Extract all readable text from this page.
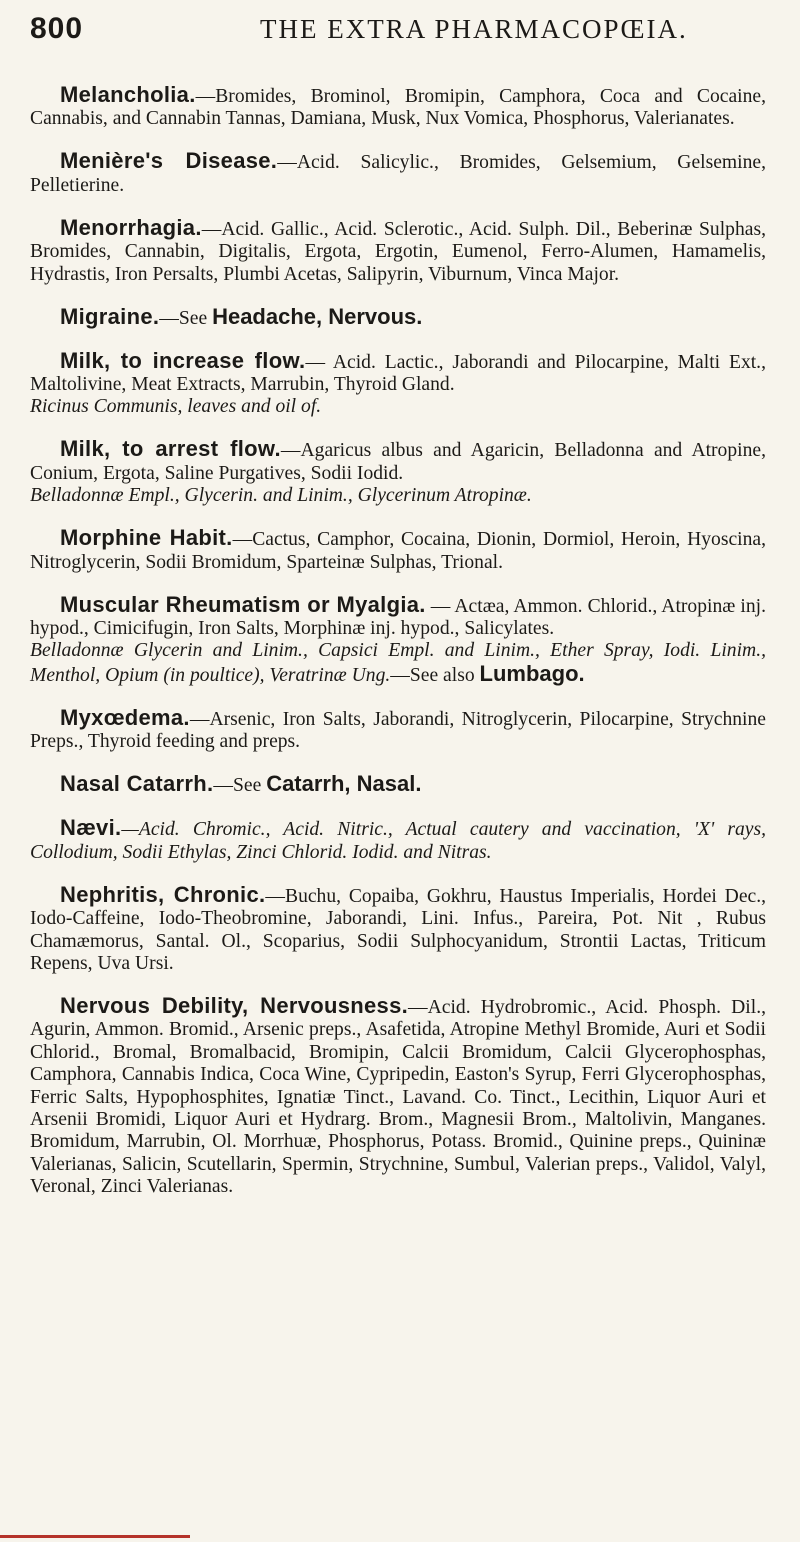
800	THE EXTRA PHARMACOPŒIA.

Melancholia.—Bromides, Brominol, Bromipin, Camphora, Coca and Cocaine, Cannabis, and Cannabin Tannas, Damiana, Musk, Nux Vomica, Phosphorus, Valerianates.

Menière's Disease.—Acid. Salicylic., Bromides, Gelsemium, Gelsemine, Pelletierine.

Menorrhagia.—Acid. Gallic., Acid. Sclerotic., Acid. Sulph. Dil., Beberinæ Sulphas, Bromides, Cannabin, Digitalis, Ergota, Ergotin, Eumenol, Ferro-Alumen, Hamamelis, Hydrastis, Iron Persalts, Plumbi Acetas, Salipyrin, Viburnum, Vinca Major.

Migraine.—See Headache, Nervous.

Milk, to increase flow.— Acid. Lactic., Jaborandi and Pilocarpine, Malti Ext., Maltolivine, Meat Extracts, Marrubin, Thyroid Gland.
Ricinus Communis, leaves and oil of.

Milk, to arrest flow.—Agaricus albus and Agaricin, Belladonna and Atropine, Conium, Ergota, Saline Purgatives, Sodii Iodid.
Belladonnæ Empl., Glycerin. and Linim., Glycerinum Atropinæ.

Morphine Habit.—Cactus, Camphor, Cocaina, Dionin, Dormiol, Heroin, Hyoscina, Nitroglycerin, Sodii Bromidum, Sparteinæ Sulphas, Trional.

Muscular Rheumatism or Myalgia. — Actæa, Ammon. Chlorid., Atropinæ inj. hypod., Cimicifugin, Iron Salts, Morphinæ inj. hypod., Salicylates.
Belladonnæ Glycerin and Linim., Capsici Empl. and Linim., Ether Spray, Iodi. Linim., Menthol, Opium (in poultice), Veratrinæ Ung.—See also Lumbago.

Myxœdema.—Arsenic, Iron Salts, Jaborandi, Nitroglycerin, Pilocarpine, Strychnine Preps., Thyroid feeding and preps.

Nasal Catarrh.—See Catarrh, Nasal.

Nævi.—Acid. Chromic., Acid. Nitric., Actual cautery and vaccination, 'X' rays, Collodium, Sodii Ethylas, Zinci Chlorid. Iodid. and Nitras.

Nephritis, Chronic.—Buchu, Copaiba, Gokhru, Haustus Imperialis, Hordei Dec., Iodo-Caffeine, Iodo-Theobromine, Jaborandi, Lini. Infus., Pareira, Pot. Nit , Rubus Chamæmorus, Santal. Ol., Scoparius, Sodii Sulphocyanidum, Strontii Lactas, Triticum Repens, Uva Ursi.

Nervous Debility, Nervousness.—Acid. Hydrobromic., Acid. Phosph. Dil., Agurin, Ammon. Bromid., Arsenic preps., Asafetida, Atropine Methyl Bromide, Auri et Sodii Chlorid., Bromal, Bromalbacid, Bromipin, Calcii Bromidum, Calcii Glycerophosphas, Camphora, Cannabis Indica, Coca Wine, Cypripedin, Easton's Syrup, Ferri Glycerophosphas, Ferric Salts, Hypophosphites, Ignatiæ Tinct., Lavand. Co. Tinct., Lecithin, Liquor Auri et Arsenii Bromidi, Liquor Auri et Hydrarg. Brom., Magnesii Brom., Maltolivin, Manganes. Bromidum, Marrubin, Ol. Morrhuæ, Phosphorus, Potass. Bromid., Quinine preps., Quininæ Valerianas, Salicin, Scutellarin, Spermin, Strychnine, Sumbul, Valerian preps., Validol, Valyl, Veronal, Zinci Valerianas.
